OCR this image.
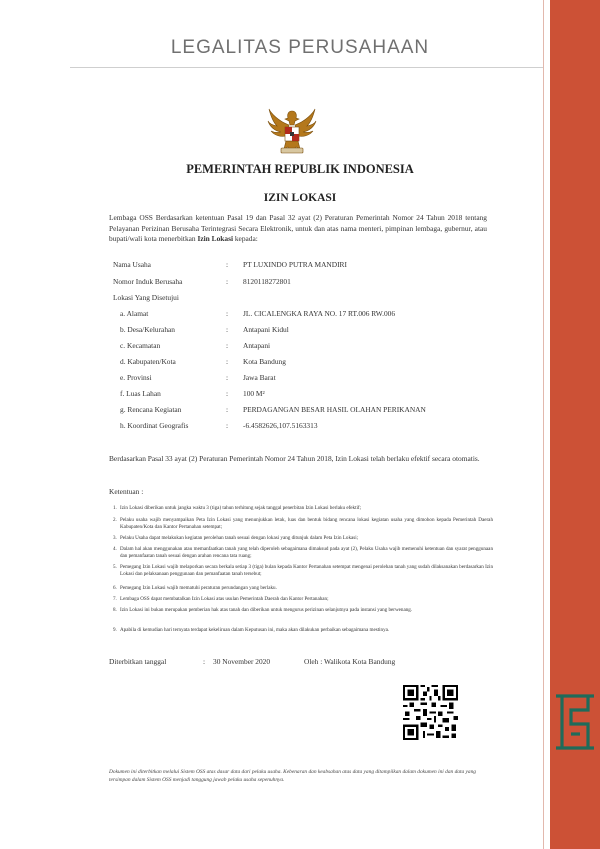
LEGALITAS PERUSAHAAN
PEMERINTAH REPUBLIK INDONESIA
IZIN LOKASI
Lembaga OSS Berdasarkan ketentuan Pasal 19 dan Pasal 32 ayat (2) Peraturan Pemerintah Nomor 24 Tahun 2018 tentang Pelayanan Perizinan Berusaha Terintegrasi Secara Elektronik, untuk dan atas nama menteri, pimpinan lembaga, gubernur, atau bupati/wali kota menerbitkan Izin Lokasi kepada:
Nama Usaha	: PT LUXINDO PUTRA MANDIRI
Nomor Induk Berusaha	: 8120118272801
Lokasi Yang Disetujui
a. Alamat	: JL. CICALENGKA RAYA NO. 17 RT.006 RW.006
b. Desa/Kelurahan	: Antapani Kidul
c. Kecamatan	: Antapani
d. Kabupaten/Kota	: Kota Bandung
e. Provinsi	: Jawa Barat
f. Luas Lahan	: 100 M²
g. Rencana Kegiatan	: PERDAGANGAN BESAR HASIL OLAHAN PERIKANAN
h. Koordinat Geografis	: -6.4582626,107.5163313
Berdasarkan Pasal 33 ayat (2) Peraturan Pemerintah Nomor 24 Tahun 2018, Izin Lokasi telah berlaku efektif secara otomatis.
Ketentuan :
1. Izin Lokasi diberikan untuk jangka waktu 3 (tiga) tahun terhitung sejak tanggal penerbitan Izin Lokasi berlaku efektif;
2. Pelaku usaha wajib menyampaikan Peta Izin Lokasi yang menunjukkan letak, luas dan bentuk bidang rencana lokasi kegiatan usaha yang dimohon kepada Pemerintah Daerah Kabupaten/Kota dan Kantor Pertanahan setempat;
3. Pelaku Usaha dapat melakukan kegiatan perolehan tanah sesuai dengan lokasi yang ditunjuk dalam Peta Izin Lokasi;
4. Dalam hal akan menggunakan atau memanfaatkan tanah yang telah diperoleh sebagaimana dimaksud pada ayat (2), Pelaku Usaha wajib memenuhi ketentuan dan syarat penggunaan dan pemanfaatan tanah sesuai dengan arahan rencana tata ruang;
5. Pemegang Izin Lokasi wajib melaporkan secara berkala setiap 3 (tiga) bulan kepada Kantor Pertanahan setempat mengenai perolehan tanah yang sudah dilaksanakan berdasarkan Izin Lokasi dan pelaksanaan penggunaan dan pemanfaatan tanah tersebut;
6. Pemegang Izin Lokasi wajib mematuhi peraturan perundangan yang berlaku.
7. Lembaga OSS dapat membatalkan Izin Lokasi atas usulan Pemerintah Daerah dan Kantor Pertanahan;
8. Izin Lokasi ini bukan merupakan pemberian hak atas tanah dan diberikan untuk mengurus perizinan selanjutnya pada instansi yang berwenang.
9. Apabila di kemudian hari ternyata terdapat kekeliruan dalam Keputusan ini, maka akan dilakukan perbaikan sebagaimana mestinya.
Diterbitkan tanggal	: 30 November 2020	Oleh : Walikota Kota Bandung
Dokumen ini diterbitkan melalui Sistem OSS atas dasar data dari pelaku usaha. Kebenaran dan keabsahan atas data yang ditampilkan dalam dokumen ini dan data yang tersimpan dalam Sistem OSS menjadi tanggung jawab pelaku usaha sepenuhnya.
